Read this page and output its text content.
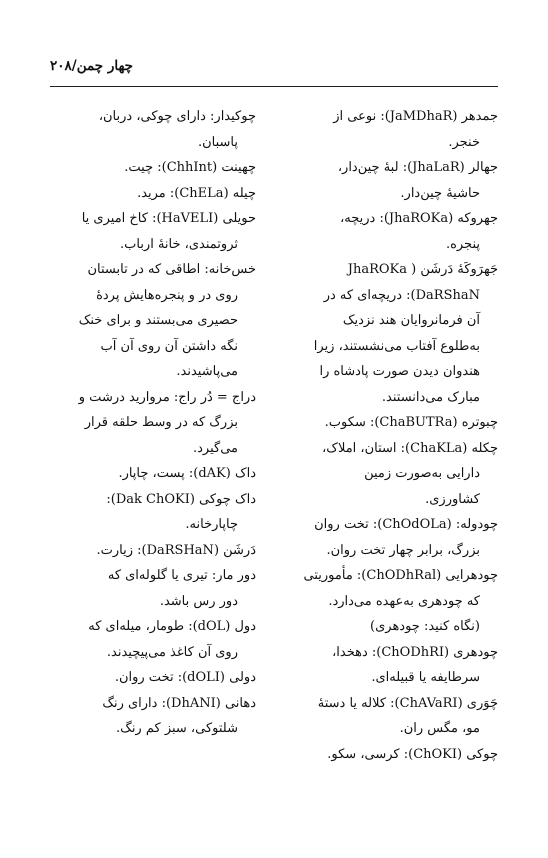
چهار چمن/۲۰۸
جمدهر (JaMDhaR): نوعی از
خنجر.
جهالر (JhaLaR): لبهٔ چین‌دار،
حاشیهٔ چین‌دار.
جهروکه (JhaROKa): دریچه،
پنجره.
جَهرَوکَهٔ دَرشَن‌ ( JhaROKa
DaRShaN): دریچه‌ای که در
آن فرمانروایان هند نزدیک
به‌طلوع آفتاب می‌نشستند، زیرا
هندوان دیدن صورت پادشاه را
مبارک می‌دانستند.
چبوتره (ChaBUTRa): سکوب.
چکله (ChaKLa): استان، املاک،
دارایی به‌صورت زمین
کشاورزی.
چودوله: (ChOdOLa): تخت روان
بزرگ، برابر چهار تخت روان.
چودهرایی (ChODhRal): مأموریتی
که چودهری به‌عهده می‌دارد.
(نگاه کنید: چودهری)
چودهری (ChODhRI): دهخدا،
سرطایفه یا قبیله‌ای.
چَوَری (ChAVaRI): کلاله یا دستهٔ
مو، مگس ران.
چوکی (ChOKI): کرسی، سکو.
چوکیدار: دارای چوکی، دربان،
پاسبان.
چهینت (ChhInt): چیت.
چیله (ChELa): مرید.
حویلی (HaVELI): کاخ امیری یا
ثروتمندی، خانهٔ ارباب.
خس‌خانه: اطاقی که در تابستان
روی در و پنجره‌هایش پردهٔ
حصیری می‌بستند و برای خنک
نگه داشتن آن روی آن آب
می‌پاشیدند.
دراج = دُر راج: مروارید درشت و
بزرگ که در وسط حلقه قرار
می‌گیرد.
داک (dAK): پست، چاپار.
داک چوکی (Dak ChOKI):
چاپارخانه.
دَرشَن‌ (DaRSHaN): زیارت.
دور مار: تیری یا گلوله‌ای که
دور رس باشد.
دول (dOL): طومار، میله‌ای که
روی آن کاغذ می‌پیچیدند.
دولی (dOLI): تخت روان.
دهانی (DhANI): دارای رنگ
شلتوکی، سبز کم رنگ.
